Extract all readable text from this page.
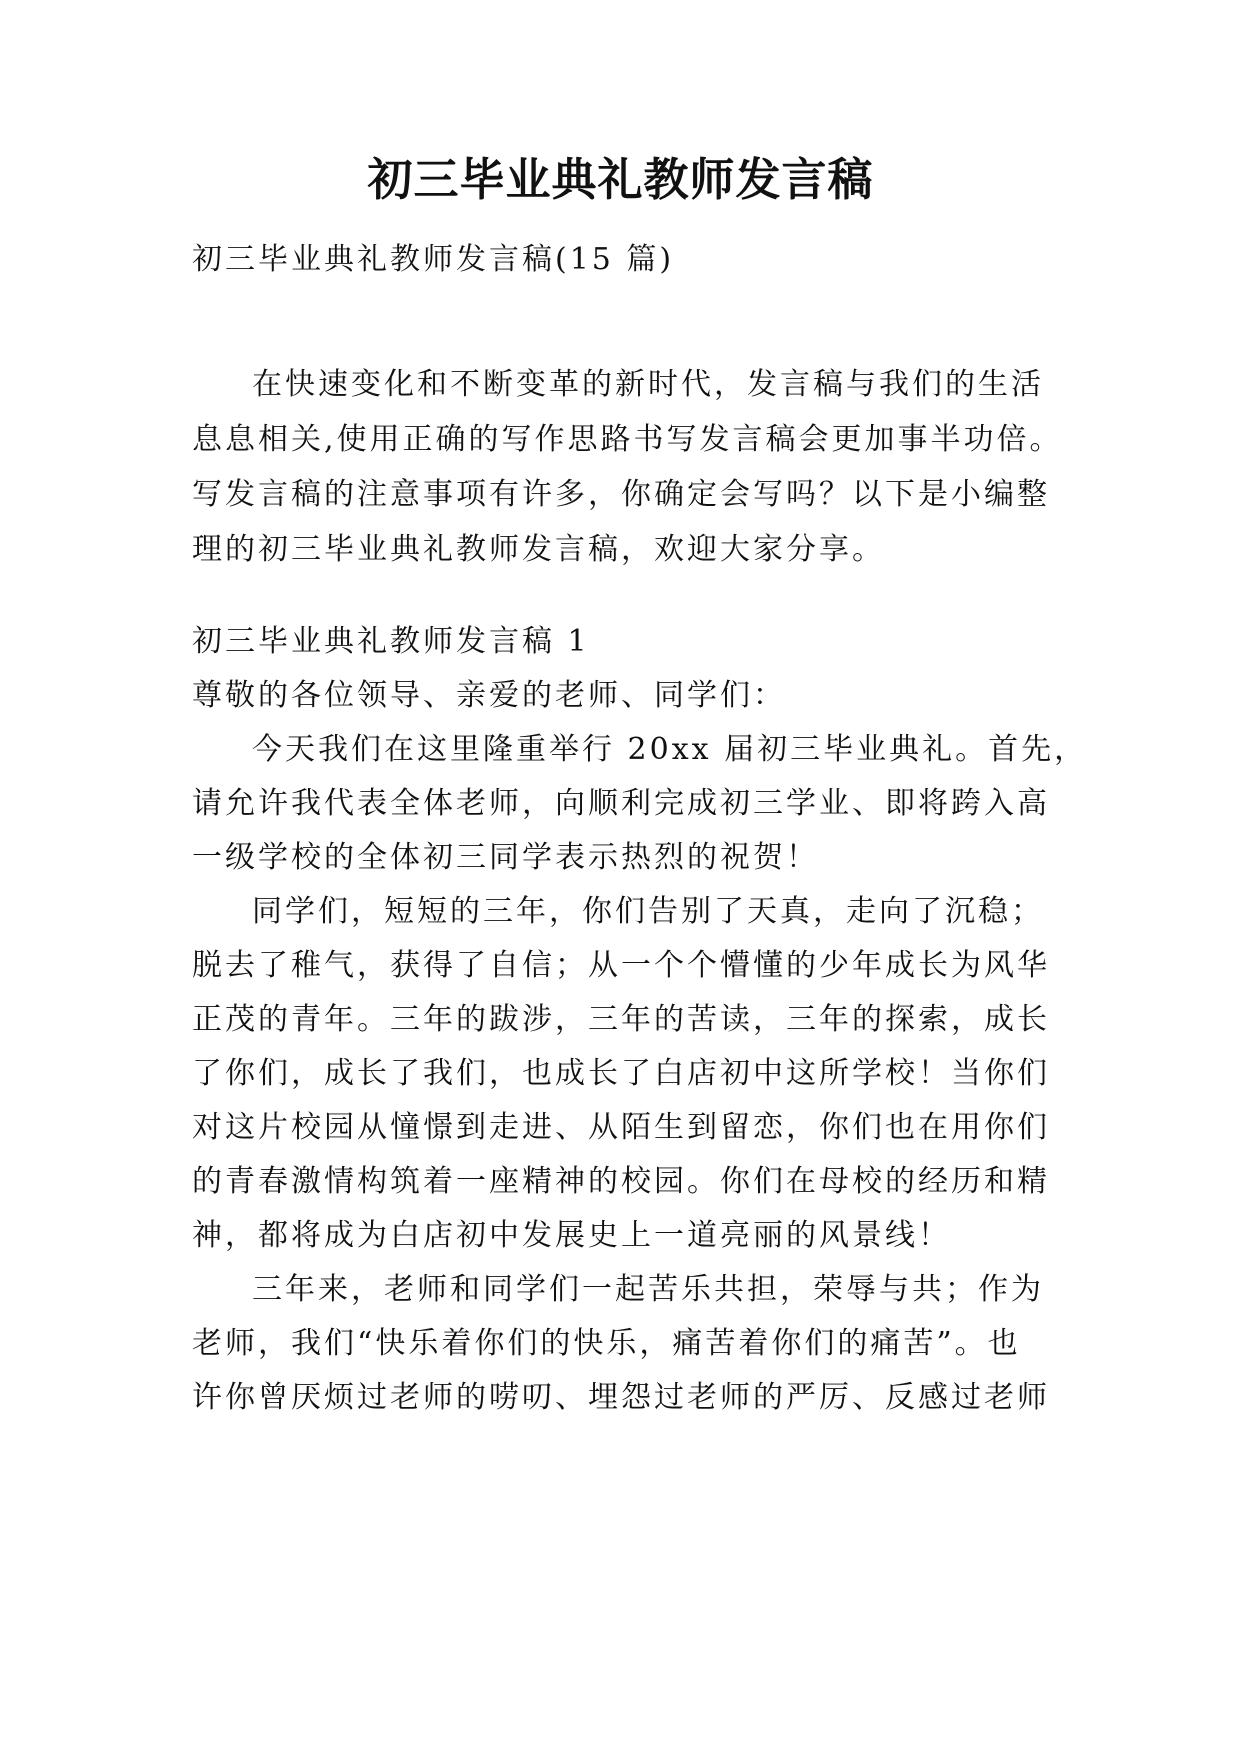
初三毕业典礼教师发言稿
初三毕业典礼教师发言稿(15 篇)
在快速变化和不断变革的新时代，发言稿与我们的生活
息息相关,使用正确的写作思路书写发言稿会更加事半功倍。
写发言稿的注意事项有许多，你确定会写吗？以下是小编整
理的初三毕业典礼教师发言稿，欢迎大家分享。
初三毕业典礼教师发言稿 1
尊敬的各位领导、亲爱的老师、同学们：
今天我们在这里隆重举行 20xx 届初三毕业典礼。首先，
请允许我代表全体老师，向顺利完成初三学业、即将跨入高
一级学校的全体初三同学表示热烈的祝贺！
同学们，短短的三年，你们告别了天真，走向了沉稳；
脱去了稚气，获得了自信；从一个个懵懂的少年成长为风华
正茂的青年。三年的跋涉，三年的苦读，三年的探索，成长
了你们，成长了我们，也成长了白店初中这所学校！当你们
对这片校园从憧憬到走进、从陌生到留恋，你们也在用你们
的青春激情构筑着一座精神的校园。你们在母校的经历和精
神，都将成为白店初中发展史上一道亮丽的风景线！
三年来，老师和同学们一起苦乐共担，荣辱与共；作为
老师，我们“快乐着你们的快乐，痛苦着你们的痛苦”。也
许你曾厌烦过老师的唠叨、埋怨过老师的严厉、反感过老师
